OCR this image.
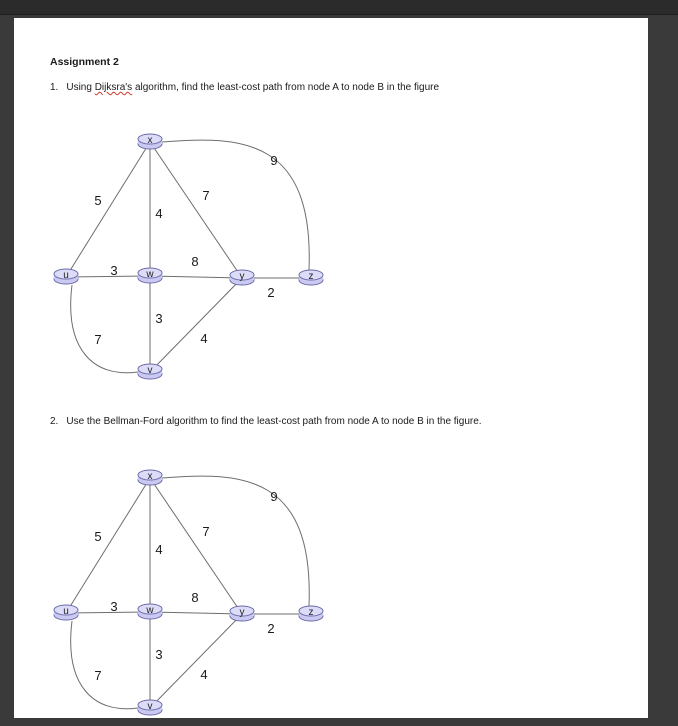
Assignment 2
1. Using Dijksra's algorithm, find the least-cost path from node A to node B in the figure
x
u	w	y	z
v
5
4
7
9
3
8
2
3
7	4
2. Use the Bellman-Ford algorithm to find the least-cost path from node A to node B in the figure.
x
u	w	y	z
v
5
4
7
9
3
8
2
3
7	4
